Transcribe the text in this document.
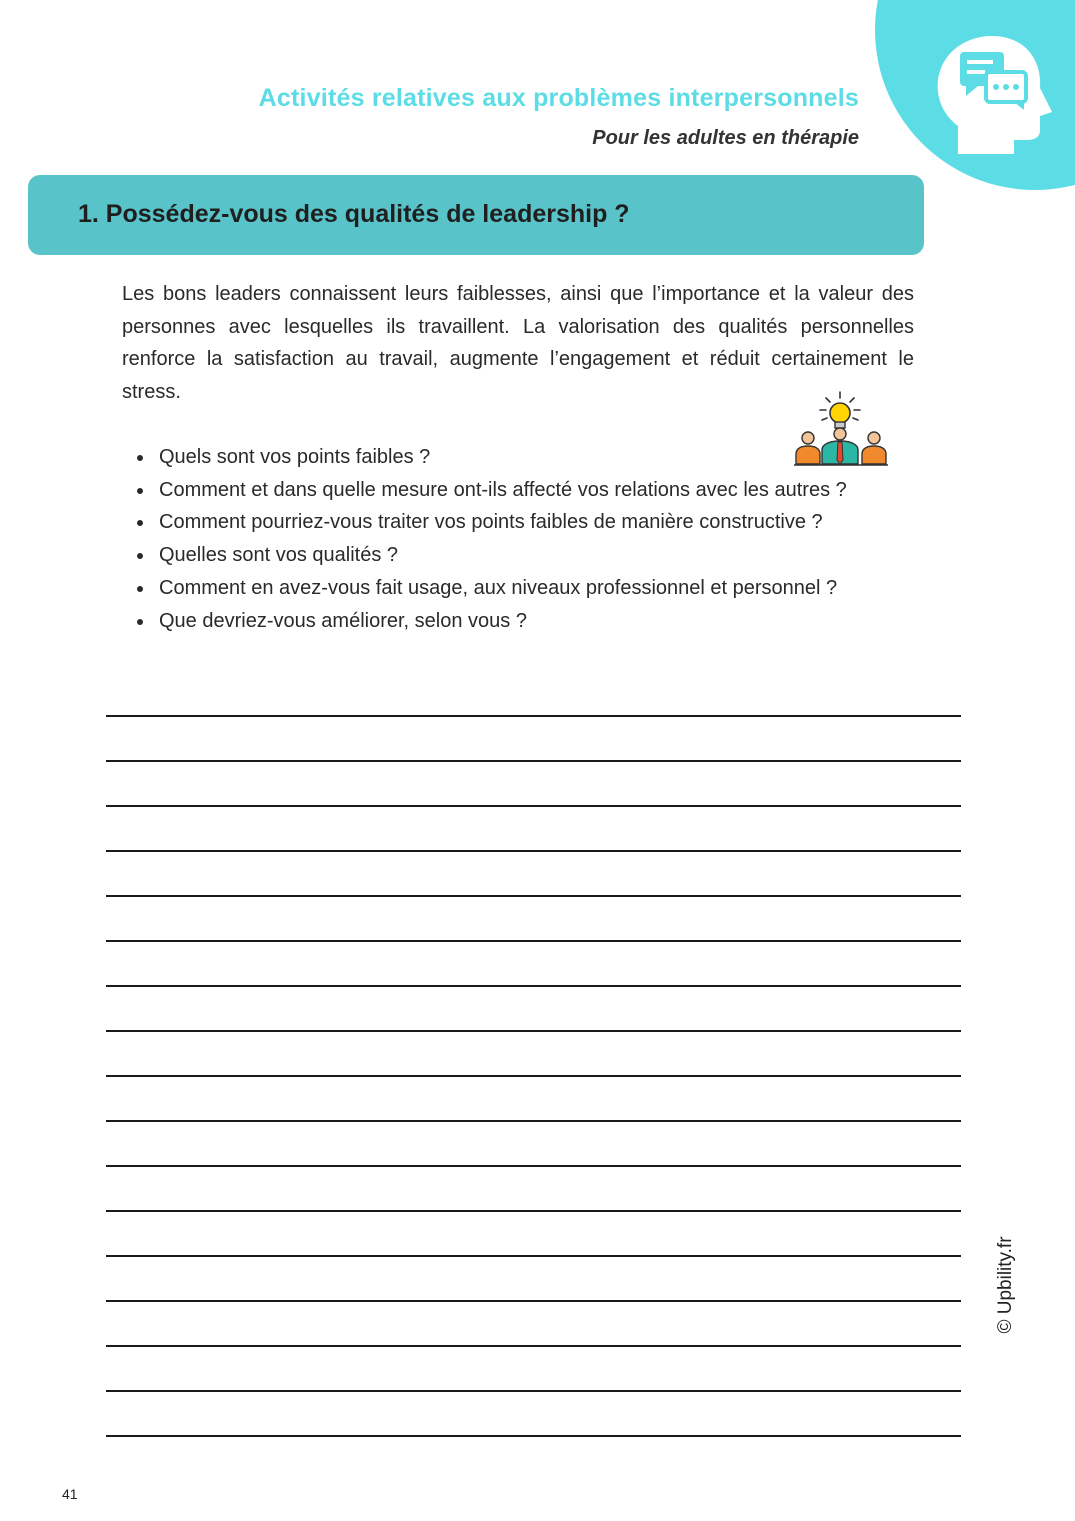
Activités relatives aux problèmes interpersonnels
Pour les adultes en thérapie
1. Possédez-vous des qualités de leadership ?

Les bons leaders connaissent leurs faiblesses, ainsi que l’importance et la valeur des personnes avec lesquelles ils travaillent. La valorisation des qualités personnelles renforce la satisfaction au travail, augmente l’engagement et réduit certainement le stress.

Quels sont vos points faibles ?
Comment et dans quelle mesure ont-ils affecté vos relations avec les autres ?
Comment pourriez-vous traiter vos points faibles de manière constructive ?
Quelles sont vos qualités ?
Comment en avez-vous fait usage, aux niveaux professionnel et personnel ?
Que devriez-vous améliorer, selon vous ?
© Upbility.fr
41
